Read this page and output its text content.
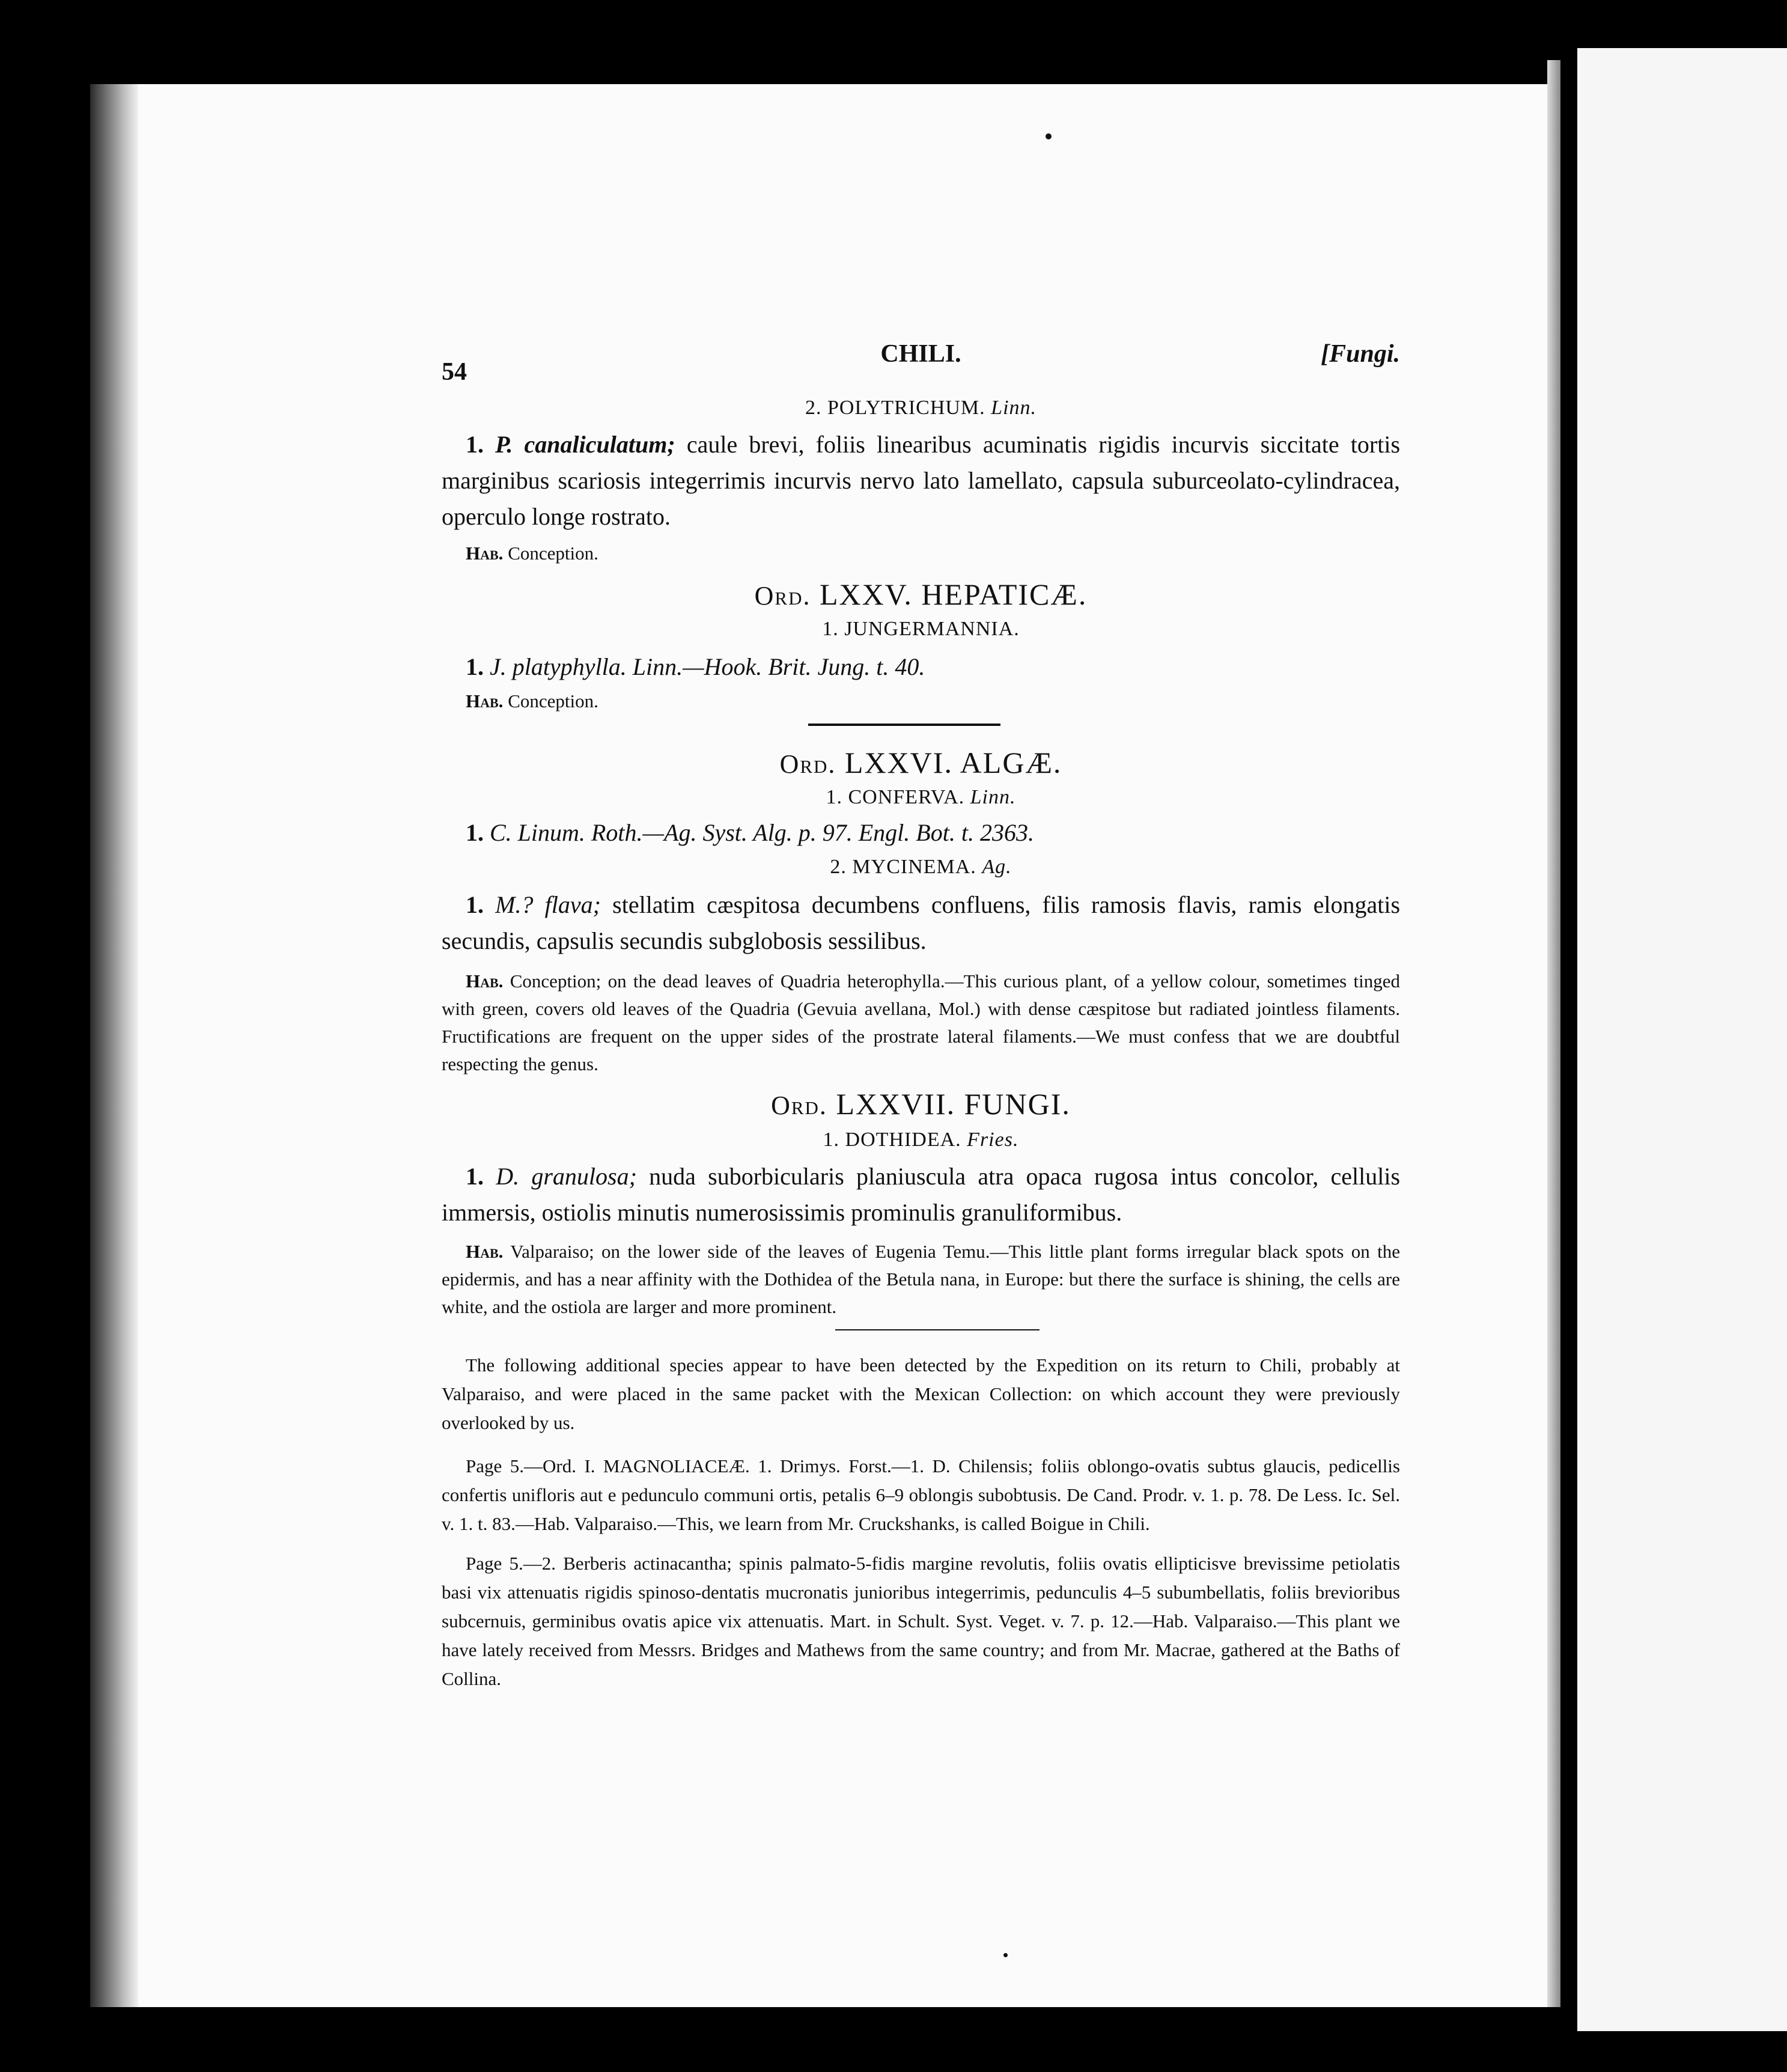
54
CHILI.	[Fungi.

2. POLYTRICHUM. Linn.

1. P. canaliculatum; caule brevi, foliis linearibus acuminatis rigidis incurvis siccitate tortis marginibus scariosis integerrimis incurvis nervo lato lamellato, capsula suburceolato-cylindracea, operculo longe rostrato.

Hab. Conception.

Ord. LXXV. HEPATICÆ.

1. JUNGERMANNIA.

1. J. platyphylla. Linn.—Hook. Brit. Jung. t. 40.

Hab. Conception.

Ord. LXXVI. ALGÆ.

1. CONFERVA. Linn.

1. C. Linum. Roth.—Ag. Syst. Alg. p. 97. Engl. Bot. t. 2363.

2. MYCINEMA. Ag.

1. M.? flava; stellatim cæspitosa decumbens confluens, filis ramosis flavis, ramis elongatis secundis, capsulis secundis subglobosis sessilibus.

Hab. Conception; on the dead leaves of Quadria heterophylla.—This curious plant, of a yellow colour, sometimes tinged with green, covers old leaves of the Quadria (Gevuia avellana, Mol.) with dense cæspitose but radiated jointless filaments. Fructifications are frequent on the upper sides of the prostrate lateral filaments.—We must confess that we are doubtful respecting the genus.

Ord. LXXVII. FUNGI.

1. DOTHIDEA. Fries.

1. D. granulosa; nuda suborbicularis planiuscula atra opaca rugosa intus concolor, cellulis immersis, ostiolis minutis numerosissimis prominulis granuliformibus.

Hab. Valparaiso; on the lower side of the leaves of Eugenia Temu.—This little plant forms irregular black spots on the epidermis, and has a near affinity with the Dothidea of the Betula nana, in Europe: but there the surface is shining, the cells are white, and the ostiola are larger and more prominent.

The following additional species appear to have been detected by the Expedition on its return to Chili, probably at Valparaiso, and were placed in the same packet with the Mexican Collection: on which account they were previously overlooked by us.

Page 5.—Ord. I. MAGNOLIACEÆ. 1. Drimys. Forst.—1. D. Chilensis; foliis oblongo-ovatis subtus glaucis, pedicellis confertis unifloris aut e pedunculo communi ortis, petalis 6–9 oblongis subobtusis. De Cand. Prodr. v. 1. p. 78. De Less. Ic. Sel. v. 1. t. 83.—Hab. Valparaiso.—This, we learn from Mr. Cruckshanks, is called Boigue in Chili.

Page 5.—2. Berberis actinacantha; spinis palmato-5-fidis margine revolutis, foliis ovatis ellipticisve brevissime petiolatis basi vix attenuatis rigidis spinoso-dentatis mucronatis junioribus integerrimis, pedunculis 4–5 subumbellatis, foliis brevioribus subcernuis, germinibus ovatis apice vix attenuatis. Mart. in Schult. Syst. Veget. v. 7. p. 12.—Hab. Valparaiso.—This plant we have lately received from Messrs. Bridges and Mathews from the same country; and from Mr. Macrae, gathered at the Baths of Collina.
